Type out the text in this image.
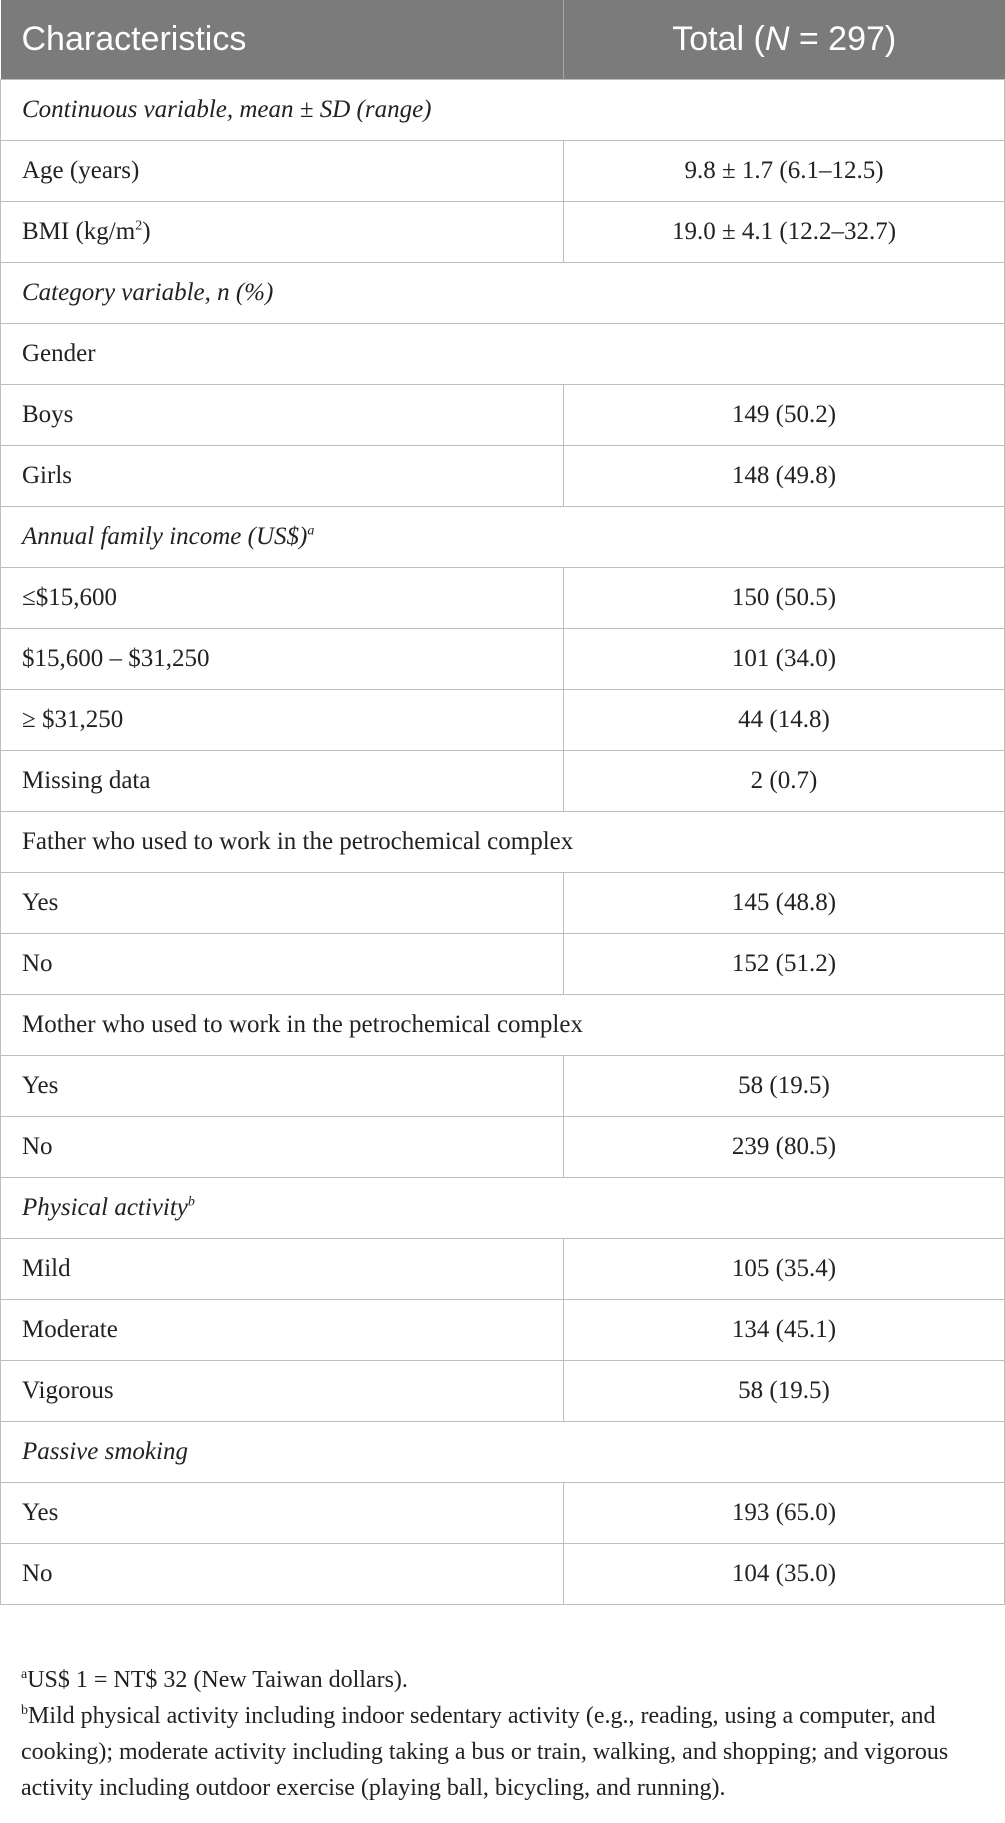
Characteristics	Total (N = 297)
Continuous variable, mean ± SD (range)	
Age (years)	9.8 ± 1.7 (6.1–12.5)
BMI $(kg/m^2)$	19.0 ± 4.1 (12.2–32.7)
Category variable, n (%)	
Gender	
Boys	149 (50.2)
Girls	148 (49.8)
Annual family income (US$)$^a$
≤$15,600	150 (50.5)
$15,600 – $31,250	101 (34.0)
≥ $31,250	44 (14.8)
Missing data	2 (0.7)
Father who used to work in the petrochemical complex	
Yes	145 (48.8)
No	152 (51.2)
Mother who used to work in the petrochemical complex	
Yes	58 (19.5)
No	239 (80.5)
Physical activity$^b$
Mild	105 (35.4)
Moderate	134 (45.1)
Vigorous	58 (19.5)
Passive smoking	
Yes	193 (65.0)
No	104 (35.0)

$^a$US$ 1 = NT$ 32 (New Taiwan dollars).

$^b$Mild physical activity including indoor sedentary activity (e.g., reading, using a computer, and cooking); moderate activity including taking a bus or train, walking, and shopping; and vigorous activity including outdoor exercise (playing ball, bicycling, and running).
